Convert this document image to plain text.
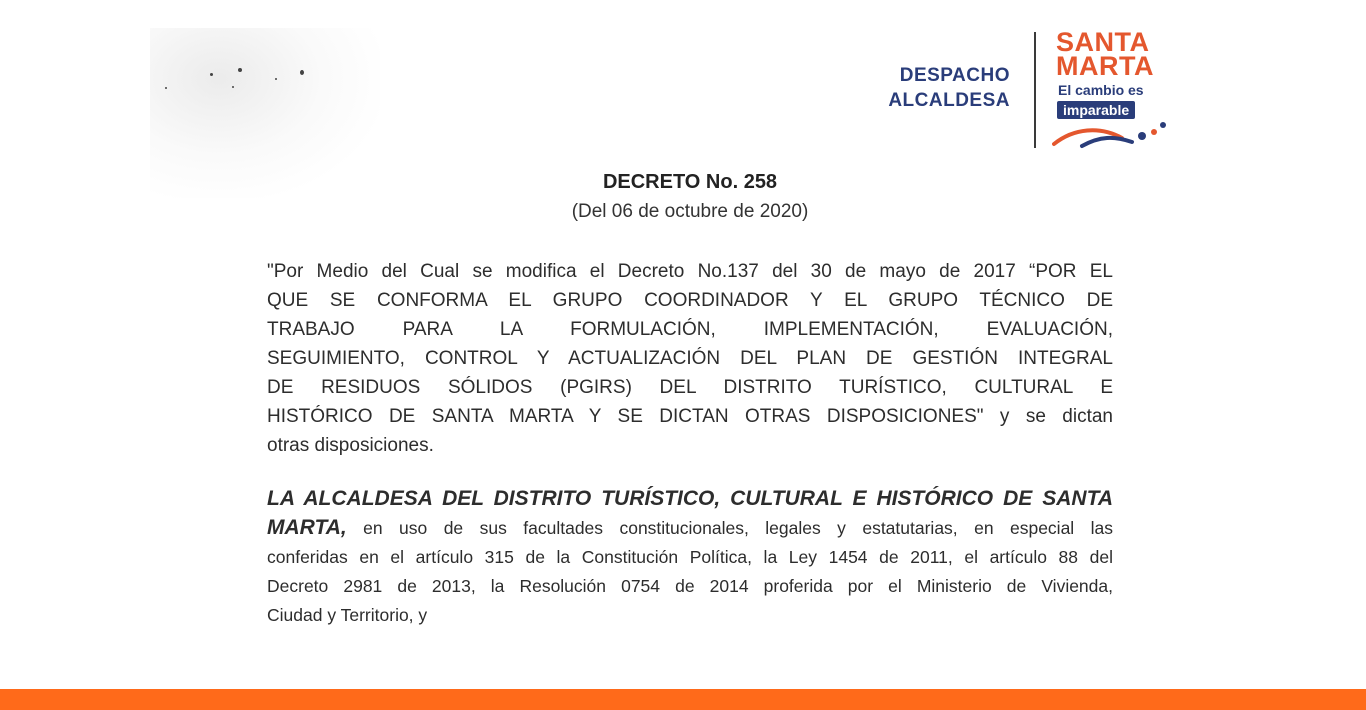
DESPACHO
ALCALDESA
SANTA
MARTA
El cambio es
imparable
DECRETO No. 258
(Del 06 de octubre de 2020)
"Por Medio del Cual se modifica el Decreto No.137 del 30 de mayo de 2017 “POR EL
QUE SE CONFORMA EL GRUPO COORDINADOR Y EL GRUPO TÉCNICO DE
TRABAJO PARA LA FORMULACIÓN, IMPLEMENTACIÓN, EVALUACIÓN,
SEGUIMIENTO, CONTROL Y ACTUALIZACIÓN DEL PLAN DE GESTIÓN INTEGRAL
DE RESIDUOS SÓLIDOS (PGIRS) DEL DISTRITO TURÍSTICO, CULTURAL E
HISTÓRICO DE SANTA MARTA Y SE DICTAN OTRAS DISPOSICIONES" y se dictan
otras disposiciones.
LA ALCALDESA DEL DISTRITO TURÍSTICO, CULTURAL E HISTÓRICO DE SANTA
MARTA, en uso de sus facultades constitucionales, legales y estatutarias, en especial las
conferidas en el artículo 315 de la Constitución Política, la Ley 1454 de 2011, el artículo 88 del
Decreto 2981 de 2013, la Resolución 0754 de 2014 proferida por el Ministerio de Vivienda,
Ciudad y Territorio, y
